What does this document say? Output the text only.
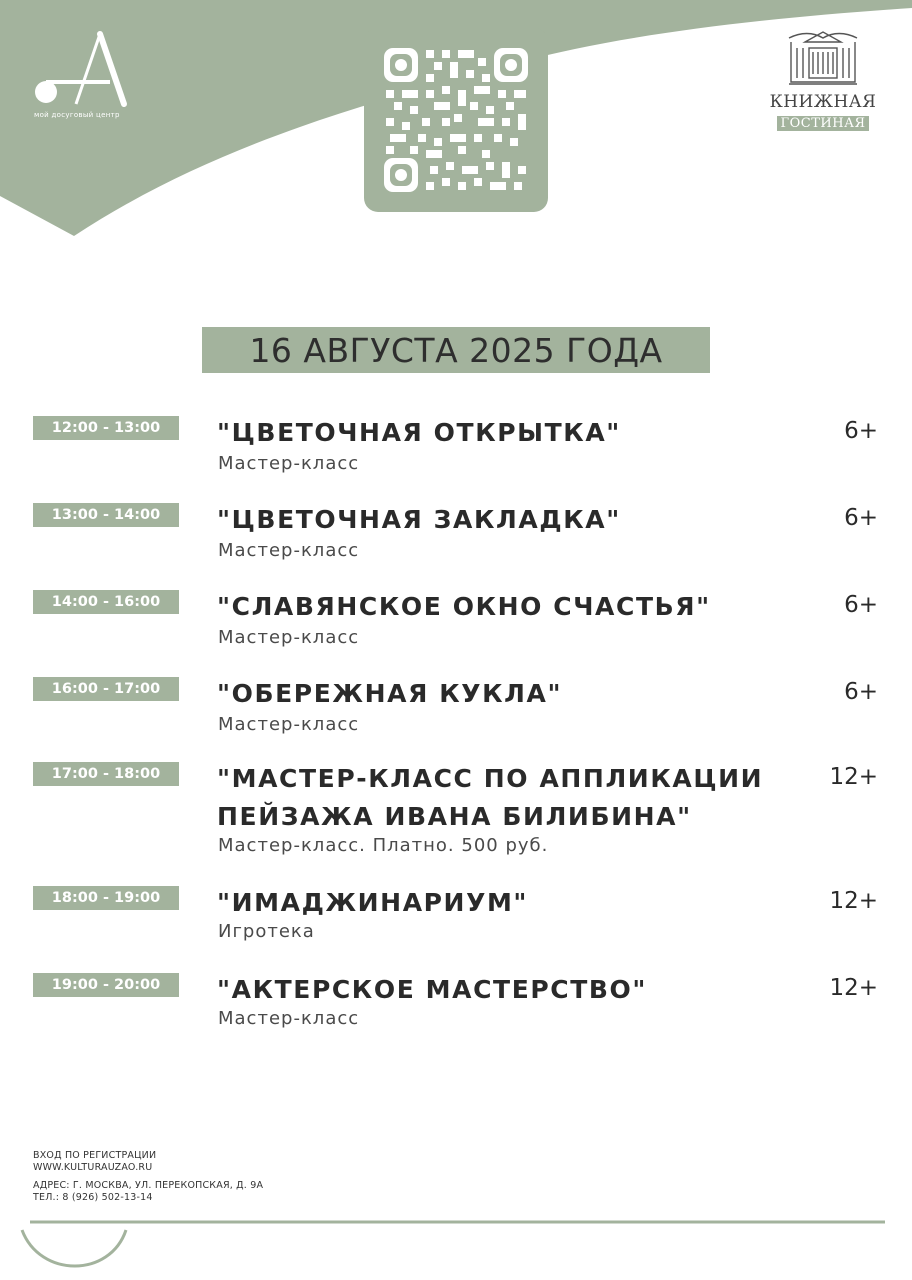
мой досуговый центр
КНИЖНАЯ
ГОСТИНАЯ
16 АВГУСТА 2025 ГОДА
12:00 - 13:00	"ЦВЕТОЧНАЯ ОТКРЫТКА"
Мастер-класс
6+
13:00 - 14:00	"ЦВЕТОЧНАЯ ЗАКЛАДКА"
Мастер-класс
6+
14:00 - 16:00	"СЛАВЯНСКОЕ ОКНО СЧАСТЬЯ"
Мастер-класс
6+
16:00 - 17:00	"ОБЕРЕЖНАЯ КУКЛА"
Мастер-класс
6+
17:00 - 18:00	"МАСТЕР-КЛАСС ПО АППЛИКАЦИИ ПЕЙЗАЖА ИВАНА БИЛИБИНА"
Мастер-класс. Платно. 500 руб.
12+
18:00 - 19:00	"ИМАДЖИНАРИУМ"
Игротека
12+
19:00 - 20:00	"АКТЕРСКОЕ МАСТЕРСТВО"
Мастер-класс
12+
ВХОД ПО РЕГИСТРАЦИИ
WWW.KULTURAUZAO.RU
АДРЕС: Г. МОСКВА, УЛ. ПЕРЕКОПСКАЯ, Д. 9А
ТЕЛ.: 8 (926) 502-13-14
